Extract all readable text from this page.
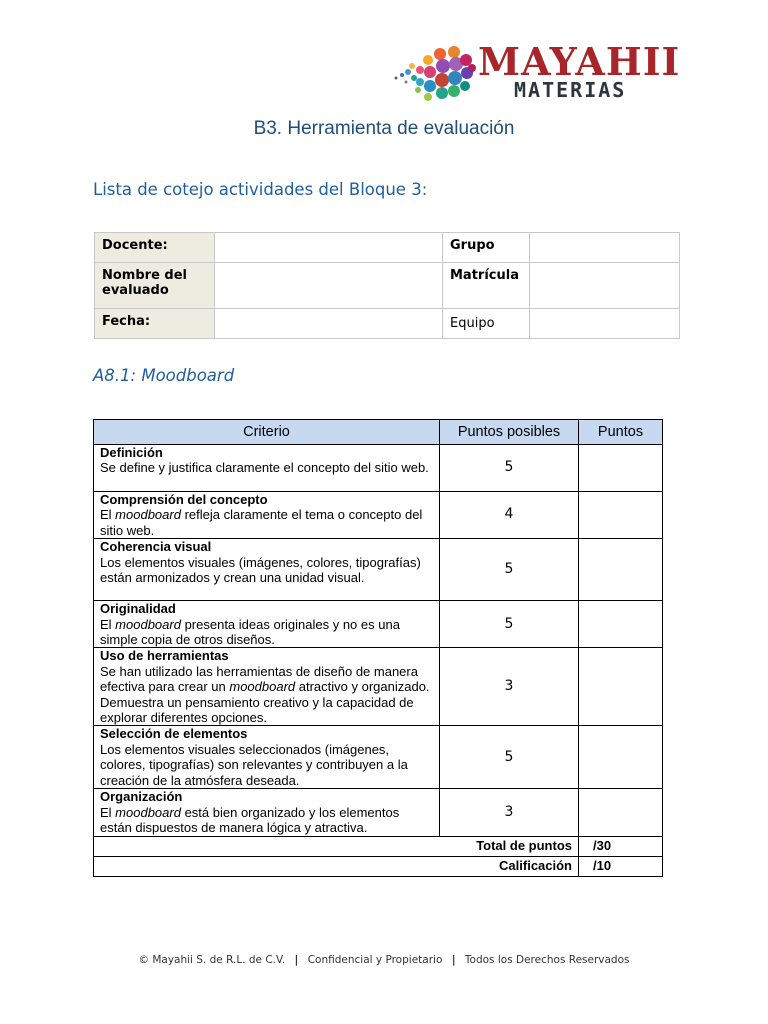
MAYAHII
MATERIAS
B3. Herramienta de evaluación
Lista de cotejo actividades del Bloque 3:
Docente:		Grupo	

Nombre del
evaluado		Matrícula	
Fecha:		Equipo	
A8.1: Moodboard
Criterio	Puntos posibles	Puntos

Definición
Se define y justifica claramente el concepto del sitio web.	5	

Comprensión del concepto
El moodboard refleja claramente el tema o concepto del sitio web.	4	

Coherencia visual
Los elementos visuales (imágenes, colores, tipografías) están armonizados y crean una unidad visual.	5	

Originalidad
El moodboard presenta ideas originales y no es una simple copia de otros diseños.	5	

Uso de herramientas
Se han utilizado las herramientas de diseño de manera efectiva para crear un moodboard atractivo y organizado. Demuestra un pensamiento creativo y la capacidad de explorar diferentes opciones.	3	

Selección de elementos
Los elementos visuales seleccionados (imágenes, colores, tipografías) son relevantes y contribuyen a la creación de la atmósfera deseada.	5	

Organización
El moodboard está bien organizado y los elementos están dispuestos de manera lógica y atractiva.	3	
Total de puntos		/30
Calificación		/10
© Mayahii S. de R.L. de C.V. | Confidencial y Propietario | Todos los Derechos Reservados
